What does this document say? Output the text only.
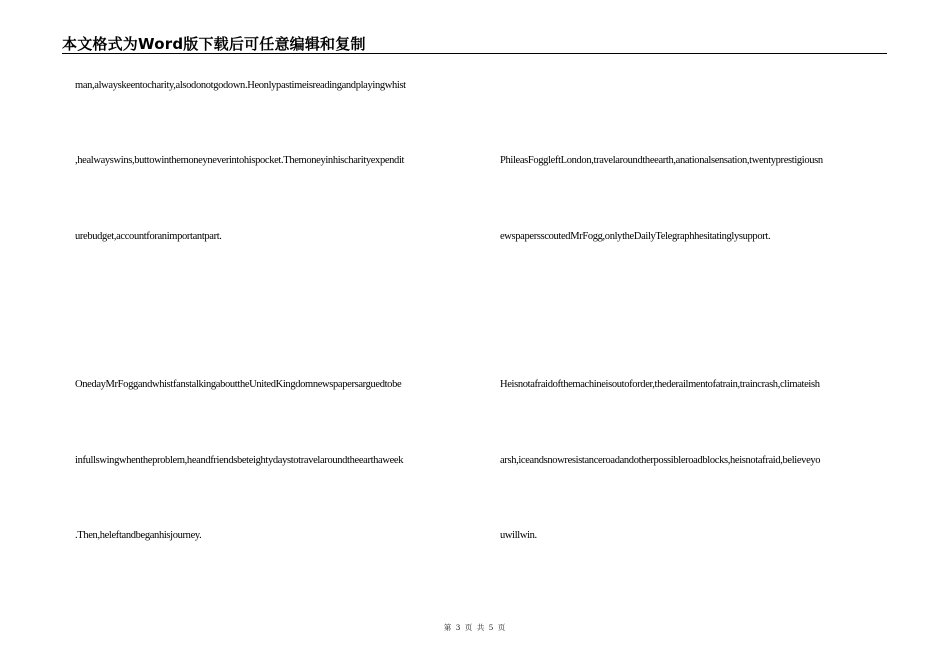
本文格式为Word版下载后可任意编辑和复制
man,alwayskeentocharity,alsodonotgodown.Heonlypastimeisreadingandplayingwhist
,healwayswins,buttowinthemoneyneverintohispocket.Themoneyinhischarityexpendit
urebudget,accountforanimportantpart.
OnedayMrFoggandwhistfanstalkingabouttheUnitedKingdomnewspapersarguedtobe
infullswingwhentheproblem,heandfriendsbeteightydaystotravelaroundtheearthaweek
.Then,heleftandbeganhisjourney.
PhileasFoggleftLondon,travelaroundtheearth,anationalsensation,twentyprestigiousn
ewspapersscoutedMrFogg,onlytheDailyTelegraphhesitatinglysupport.
Heisnotafraidofthemachineisoutoforder,thederailmentofatrain,traincrash,climateish
arsh,iceandsnowresistanceroadandotherpossibleroadblocks,heisnotafraid,believeyo
uwillwin.
第 3 页 共 5 页
